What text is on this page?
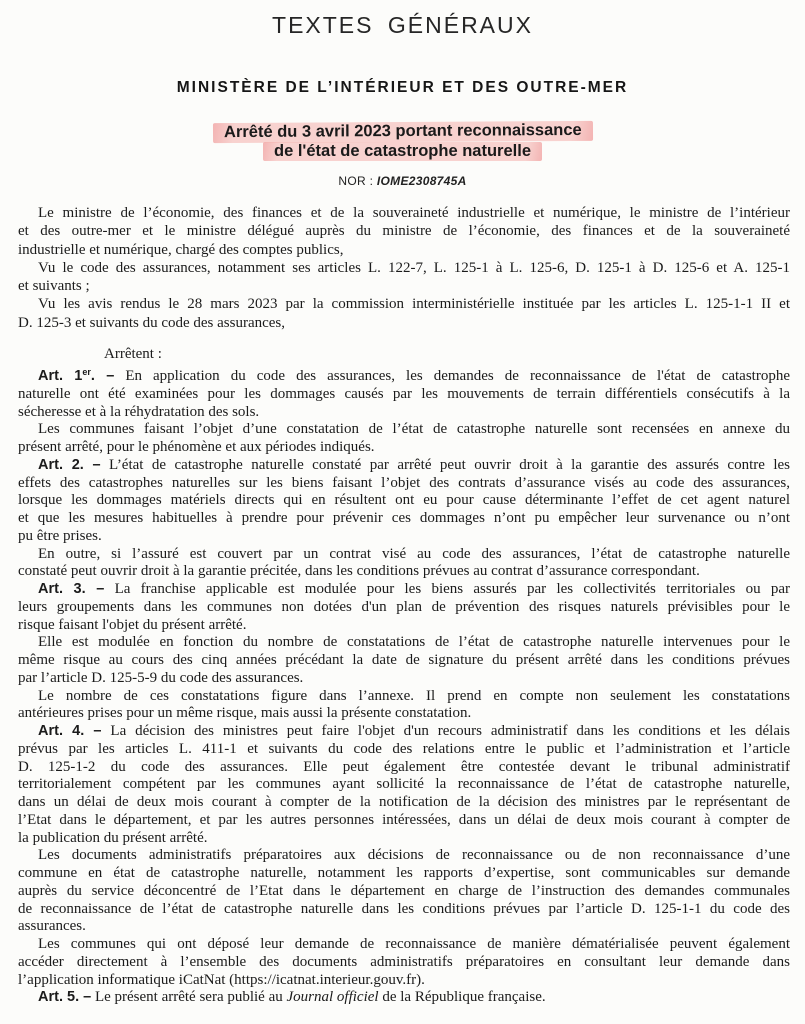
TEXTES GÉNÉRAUX
MINISTÈRE DE L’INTÉRIEUR ET DES OUTRE-MER
Arrêté du 3 avril 2023 portant reconnaissance
de l'état de catastrophe naturelle
NOR : IOME2308745A
Le ministre de l’économie, des finances et de la souveraineté industrielle et numérique, le ministre de l’intérieur
et des outre-mer et le ministre délégué auprès du ministre de l’économie, des finances et de la souveraineté
industrielle et numérique, chargé des comptes publics,
Vu le code des assurances, notamment ses articles L. 122-7, L. 125-1 à L. 125-6, D. 125-1 à D. 125-6 et A. 125-1
et suivants ;
Vu les avis rendus le 28 mars 2023 par la commission interministérielle instituée par les articles L. 125-1-1 II et
D. 125-3 et suivants du code des assurances,
Arrêtent :
Art. 1er. – En application du code des assurances, les demandes de reconnaissance de l'état de catastrophe
naturelle ont été examinées pour les dommages causés par les mouvements de terrain différentiels consécutifs à la
sécheresse et à la réhydratation des sols.
Les communes faisant l’objet d’une constatation de l’état de catastrophe naturelle sont recensées en annexe du
présent arrêté, pour le phénomène et aux périodes indiqués.
Art. 2. – L’état de catastrophe naturelle constaté par arrêté peut ouvrir droit à la garantie des assurés contre les
effets des catastrophes naturelles sur les biens faisant l’objet des contrats d’assurance visés au code des assurances,
lorsque les dommages matériels directs qui en résultent ont eu pour cause déterminante l’effet de cet agent naturel
et que les mesures habituelles à prendre pour prévenir ces dommages n’ont pu empêcher leur survenance ou n’ont
pu être prises.
En outre, si l’assuré est couvert par un contrat visé au code des assurances, l’état de catastrophe naturelle
constaté peut ouvrir droit à la garantie précitée, dans les conditions prévues au contrat d’assurance correspondant.
Art. 3. – La franchise applicable est modulée pour les biens assurés par les collectivités territoriales ou par
leurs groupements dans les communes non dotées d'un plan de prévention des risques naturels prévisibles pour le
risque faisant l'objet du présent arrêté.
Elle est modulée en fonction du nombre de constatations de l’état de catastrophe naturelle intervenues pour le
même risque au cours des cinq années précédant la date de signature du présent arrêté dans les conditions prévues
par l’article D. 125-5-9 du code des assurances.
Le nombre de ces constatations figure dans l’annexe. Il prend en compte non seulement les constatations
antérieures prises pour un même risque, mais aussi la présente constatation.
Art. 4. – La décision des ministres peut faire l'objet d'un recours administratif dans les conditions et les délais
prévus par les articles L. 411-1 et suivants du code des relations entre le public et l’administration et l’article
D. 125-1-2 du code des assurances. Elle peut également être contestée devant le tribunal administratif
territorialement compétent par les communes ayant sollicité la reconnaissance de l’état de catastrophe naturelle,
dans un délai de deux mois courant à compter de la notification de la décision des ministres par le représentant de
l’Etat dans le département, et par les autres personnes intéressées, dans un délai de deux mois courant à compter de
la publication du présent arrêté.
Les documents administratifs préparatoires aux décisions de reconnaissance ou de non reconnaissance d’une
commune en état de catastrophe naturelle, notamment les rapports d’expertise, sont communicables sur demande
auprès du service déconcentré de l’Etat dans le département en charge de l’instruction des demandes communales
de reconnaissance de l’état de catastrophe naturelle dans les conditions prévues par l’article D. 125-1-1 du code des
assurances.
Les communes qui ont déposé leur demande de reconnaissance de manière dématérialisée peuvent également
accéder directement à l’ensemble des documents administratifs préparatoires en consultant leur demande dans
l’application informatique iCatNat (https://icatnat.interieur.gouv.fr).
Art. 5. – Le présent arrêté sera publié au Journal officiel de la République française.
